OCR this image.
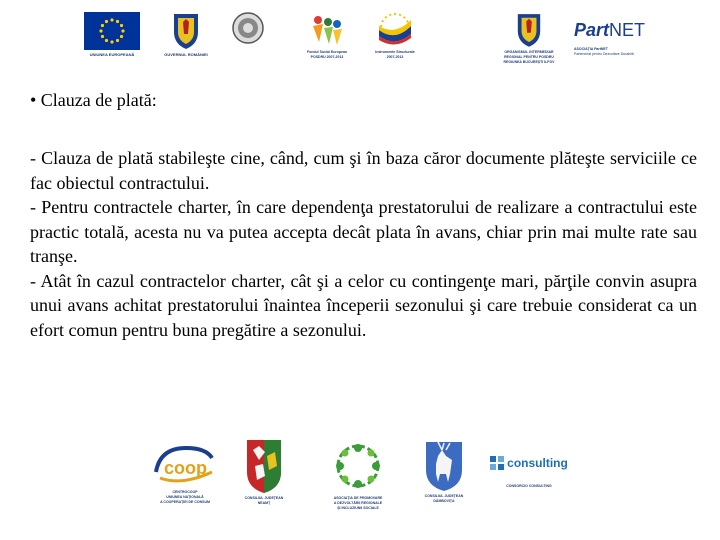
UNIUNEA EUROPEANĂ	GUVERNUL ROMÂNIEI	Fondul Social European
POSDRU 2007-2013
Instrumente Structurale
2007-2013
ORGANISMUL INTERMEDIAR
REGIONAL PENTRU POSDRU
REGIUNEA BUCUREŞTI ILFOV
PartNET
ASOCIAŢIA PartNET
Parteneriat pentru Dezvoltare Durabilă
• Clauza de plată:

- Clauza de plată stabileşte cine, când, cum şi în baza căror documente plăteşte serviciile ce fac obiectul contractului.

- Pentru contractele charter, în care dependenţa prestatorului de realizare a contractului este practic totală, acesta nu va putea accepta decât plata în avans, chiar prin mai multe rate sau tranşe.

- Atât în cazul contractelor charter, cât şi a celor cu contingenţe mari, părţile convin asupra unui avans achitat prestatorului înaintea începerii sezonului şi care trebuie considerat ca un efort comun pentru buna pregătire a sezonului.

coop
CENTROCOOP
UNIUNEA NAŢIONALĂ
A COOPERAŢIEI DE CONSUM
CONSILIUL JUDEŢEAN
NEAMŢ
ASOCIAŢIA DE PROMOVARE
A DEZVOLTĂRII REGIONALE
ŞI INCLUZIUNII SOCIALE
CONSILIUL JUDEŢEAN
DÂMBOVIŢA
consulting
CONSORCIO CONSULTING
